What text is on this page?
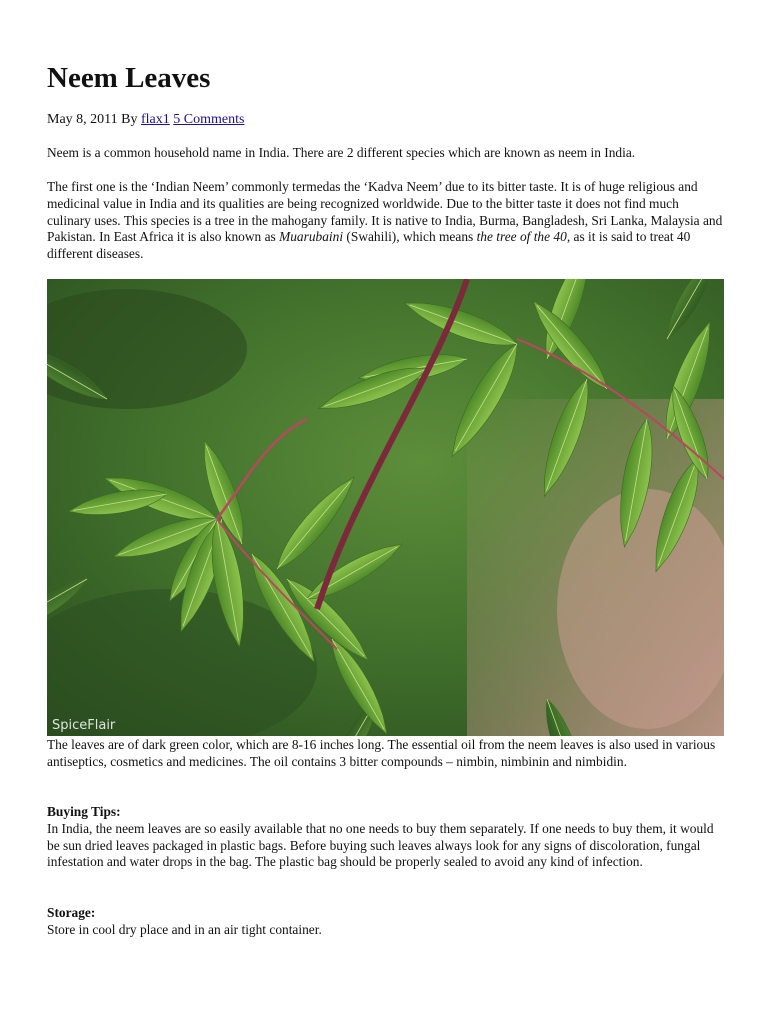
Neem Leaves
May 8, 2011 By flax1 5 Comments

Neem is a common household name in India. There are 2 different species which are known as neem in India.

The first one is the ‘Indian Neem’ commonly termedas the ‘Kadva Neem’ due to its bitter taste. It is of huge religious and medicinal value in India and its qualities are being recognized worldwide. Due to the bitter taste it does not find much culinary uses. This species is a tree in the mahogany family. It is native to India, Burma, Bangladesh, Sri Lanka, Malaysia and Pakistan. In East Africa it is also known as Muarubaini (Swahili), which means the tree of the 40, as it is said to treat 40 different diseases.

SpiceFlair

The leaves are of dark green color, which are 8-16 inches long. The essential oil from the neem leaves is also used in various antiseptics, cosmetics and medicines. The oil contains 3 bitter compounds – nimbin, nimbinin and nimbidin.

Buying Tips:

In India, the neem leaves are so easily available that no one needs to buy them separately. If one needs to buy them, it would be sun dried leaves packaged in plastic bags. Before buying such leaves always look for any signs of discoloration, fungal infestation and water drops in the bag. The plastic bag should be properly sealed to avoid any kind of infection.

Storage:

Store in cool dry place and in an air tight container.
